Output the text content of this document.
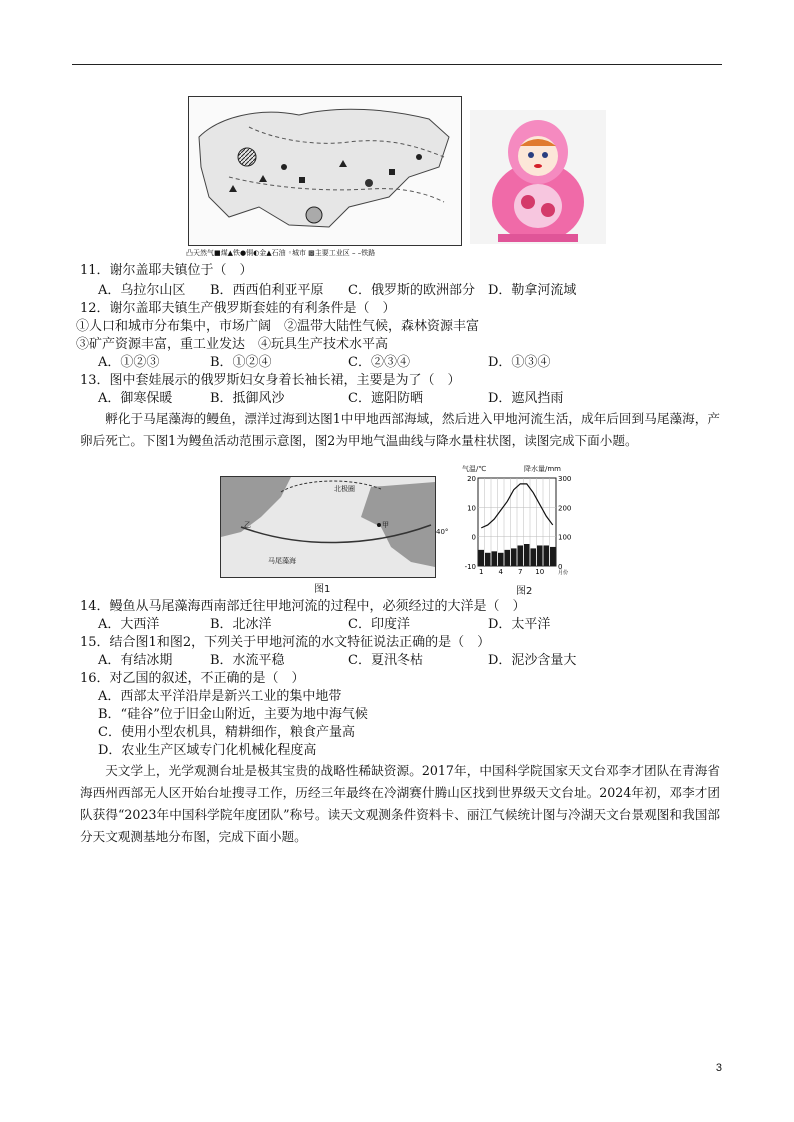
凸天然气■煤▲铁●铜◐金▲石油 ◦城市 ▩主要工业区 – –铁路
11．谢尔盖耶夫镇位于（　）
A．乌拉尔山区 B．西西伯利亚平原 C．俄罗斯的欧洲部分 D．勒拿河流域
12．谢尔盖耶夫镇生产俄罗斯套娃的有利条件是（　）
①人口和城市分布集中，市场广阔　②温带大陆性气候，森林资源丰富
③矿产资源丰富，重工业发达　④玩具生产技术水平高
A．①②③	B．①②④	C．②③④	D．①③④
13．图中套娃展示的俄罗斯妇女身着长袖长裙，主要是为了（　）
A．御寒保暖	B．抵御风沙	C．遮阳防晒	D．遮风挡雨
孵化于马尾藻海的鳗鱼，漂洋过海到达图1中甲地西部海域，然后进入甲地河流生活，成年后回到马尾藻海，产卵后死亡。下图1为鳗鱼活动范围示意图，图2为甲地气温曲线与降水量柱状图，读图完成下面小题。
北极圈
乙	甲
40°
马尾藻海
图1
气温/℃	降水量/mm
20
10
0
-10
300
200
100
0
1 4 7 10	月份
图2
14．鳗鱼从马尾藻海西南部迁往甲地河流的过程中，必须经过的大洋是（　）
A．大西洋	B．北冰洋	C．印度洋	D．太平洋
15．结合图1和图2，下列关于甲地河流的水文特征说法正确的是（　）
A．有结冰期	B．水流平稳	C．夏汛冬枯	D．泥沙含量大
16．对乙国的叙述，不正确的是（　）
A．西部太平洋沿岸是新兴工业的集中地带
B．“硅谷”位于旧金山附近，主要为地中海气候
C．使用小型农机具，精耕细作，粮食产量高
D．农业生产区域专门化机械化程度高
天文学上，光学观测台址是极其宝贵的战略性稀缺资源。2017年，中国科学院国家天文台邓李才团队在青海省海西州西部无人区开始台址搜寻工作，历经三年最终在冷湖赛什腾山区找到世界级天文台址。2024年初，邓李才团队获得“2023年中国科学院年度团队”称号。读天文观测条件资料卡、丽江气候统计图与冷湖天文台景观图和我国部分天文观测基地分布图，完成下面小题。
3
